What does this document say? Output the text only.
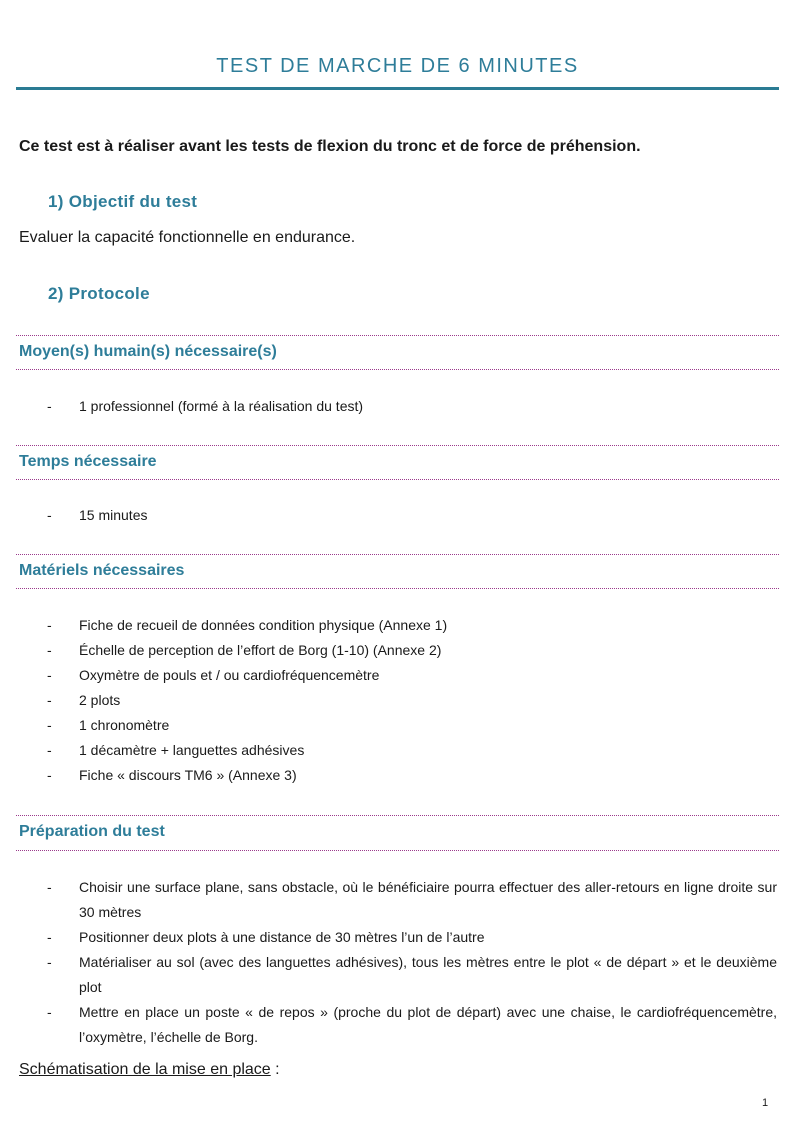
TEST DE MARCHE DE 6 MINUTES
Ce test est à réaliser avant les tests de flexion du tronc et de force de préhension.
1) Objectif du test
Evaluer la capacité fonctionnelle en endurance.
2) Protocole
Moyen(s) humain(s) nécessaire(s)
- 1 professionnel (formé à la réalisation du test)
Temps nécessaire
- 15 minutes
Matériels nécessaires
- Fiche de recueil de données condition physique (Annexe 1)
- Échelle de perception de l’effort de Borg (1-10) (Annexe 2)
- Oxymètre de pouls et / ou cardiofréquencemètre
- 2 plots
- 1 chronomètre
- 1 décamètre + languettes adhésives
- Fiche « discours TM6 » (Annexe 3)
Préparation du test
- Choisir une surface plane, sans obstacle, où le bénéficiaire pourra effectuer des aller-retours en ligne droite sur 30 mètres
- Positionner deux plots à une distance de 30 mètres l’un de l’autre
- Matérialiser au sol (avec des languettes adhésives), tous les mètres entre le plot « de départ » et le deuxième plot
- Mettre en place un poste « de repos » (proche du plot de départ) avec une chaise, le cardiofréquencemètre, l’oxymètre, l’échelle de Borg.
Schématisation de la mise en place :
1
